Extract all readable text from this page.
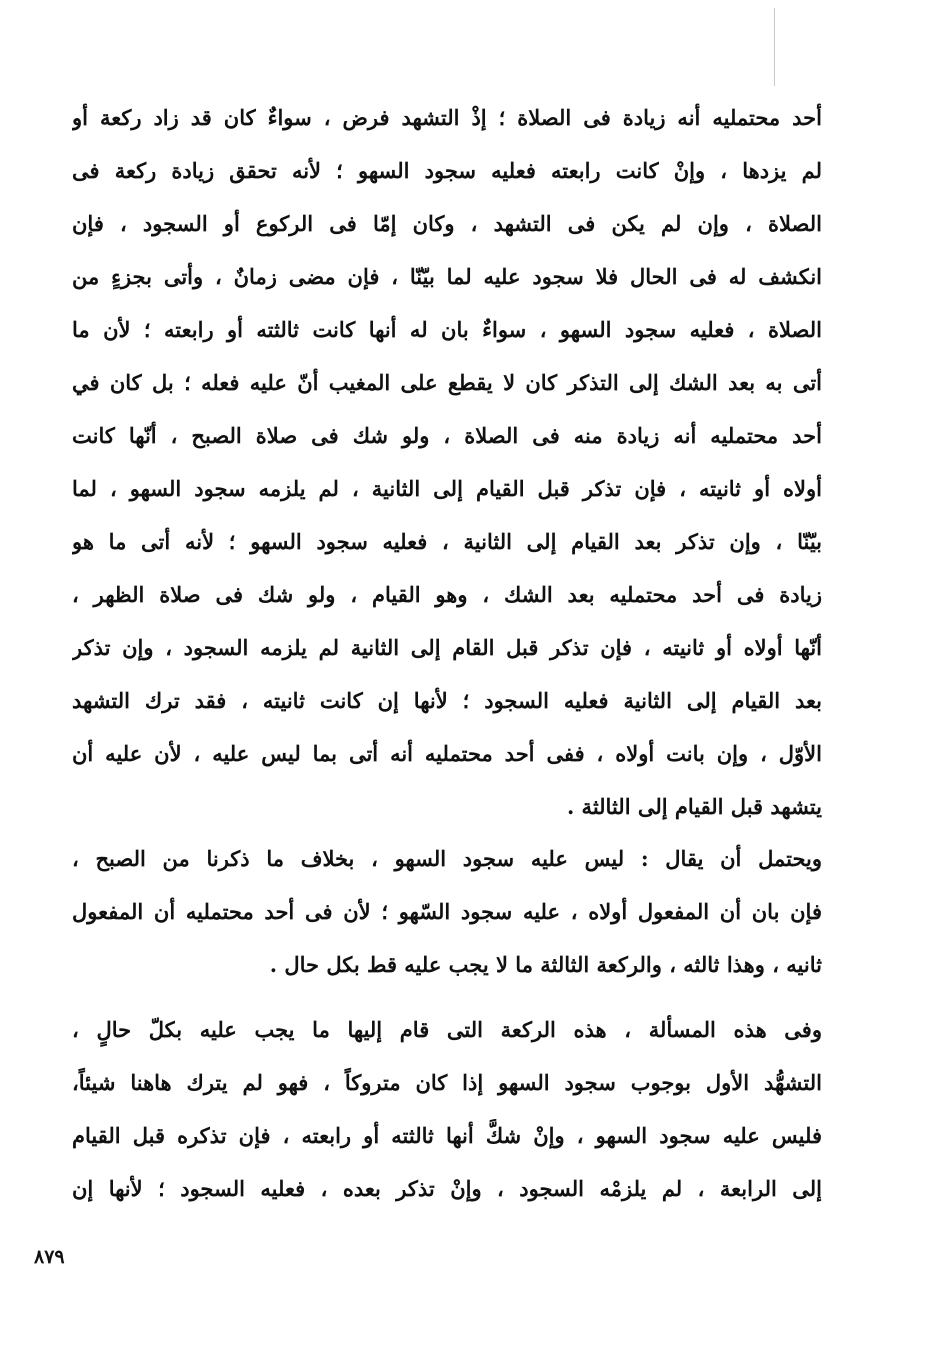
أحد محتمليه أنه زيادة فى الصلاة ؛ إذْ التشهد فرض ، سواءٌ كان قد زاد ركعة أو
لم يزدها ، وإنْ كانت رابعته فعليه سجود السهو ؛ لأنه تحقق زيادة ركعة فى
الصلاة ، وإن لم يكن فى التشهد ، وكان إمّا فى الركوع أو السجود ، فإن
انكشف له فى الحال فلا سجود عليه لما بيّنّا ، فإن مضى زمانٌ ، وأتى بجزءٍ من
الصلاة ، فعليه سجود السهو ، سواءٌ بان له أنها كانت ثالثته أو رابعته ؛ لأن ما
أتى به بعد الشك إلى التذكر كان لا يقطع على المغيب أنّ عليه فعله ؛ بل كان في
أحد محتمليه أنه زيادة منه فى الصلاة ، ولو شك فى صلاة الصبح ، أنّها كانت
أولاه أو ثانيته ، فإن تذكر قبل القيام إلى الثانية ، لم يلزمه سجود السهو ، لما
بيّنّا ، وإن تذكر بعد القيام إلى الثانية ، فعليه سجود السهو ؛ لأنه أتى ما هو
زيادة فى أحد محتمليه بعد الشك ، وهو القيام ، ولو شك فى صلاة الظهر ،
أنّها أولاه أو ثانيته ، فإن تذكر قبل القام إلى الثانية لم يلزمه السجود ، وإن تذكر
بعد القيام إلى الثانية فعليه السجود ؛ لأنها إن كانت ثانيته ، فقد ترك التشهد
الأوّل ، وإن بانت أولاه ، ففى أحد محتمليه أنه أتى بما ليس عليه ، لأن عليه أن
يتشهد قبل القيام إلى الثالثة .
ويحتمل أن يقال : ليس عليه سجود السهو ، بخلاف ما ذكرنا من الصبح ،
فإن بان أن المفعول أولاه ، عليه سجود السّهو ؛ لأن فى أحد محتمليه أن المفعول
ثانيه ، وهذا ثالثه ، والركعة الثالثة ما لا يجب عليه قط بكل حال .
وفى هذه المسألة ، هذه الركعة التى قام إليها ما يجب عليه بكلّ حالٍ ،
التشهُّد الأول بوجوب سجود السهو إذا كان متروكاً ، فهو لم يترك هاهنا شيئاً،
فليس عليه سجود السهو ، وإنْ شكَّ أنها ثالثته أو رابعته ، فإن تذكره قبل القيام
إلى الرابعة ، لم يلزمْه السجود ، وإنْ تذكر بعده ، فعليه السجود ؛ لأنها إن
٨٧٩
